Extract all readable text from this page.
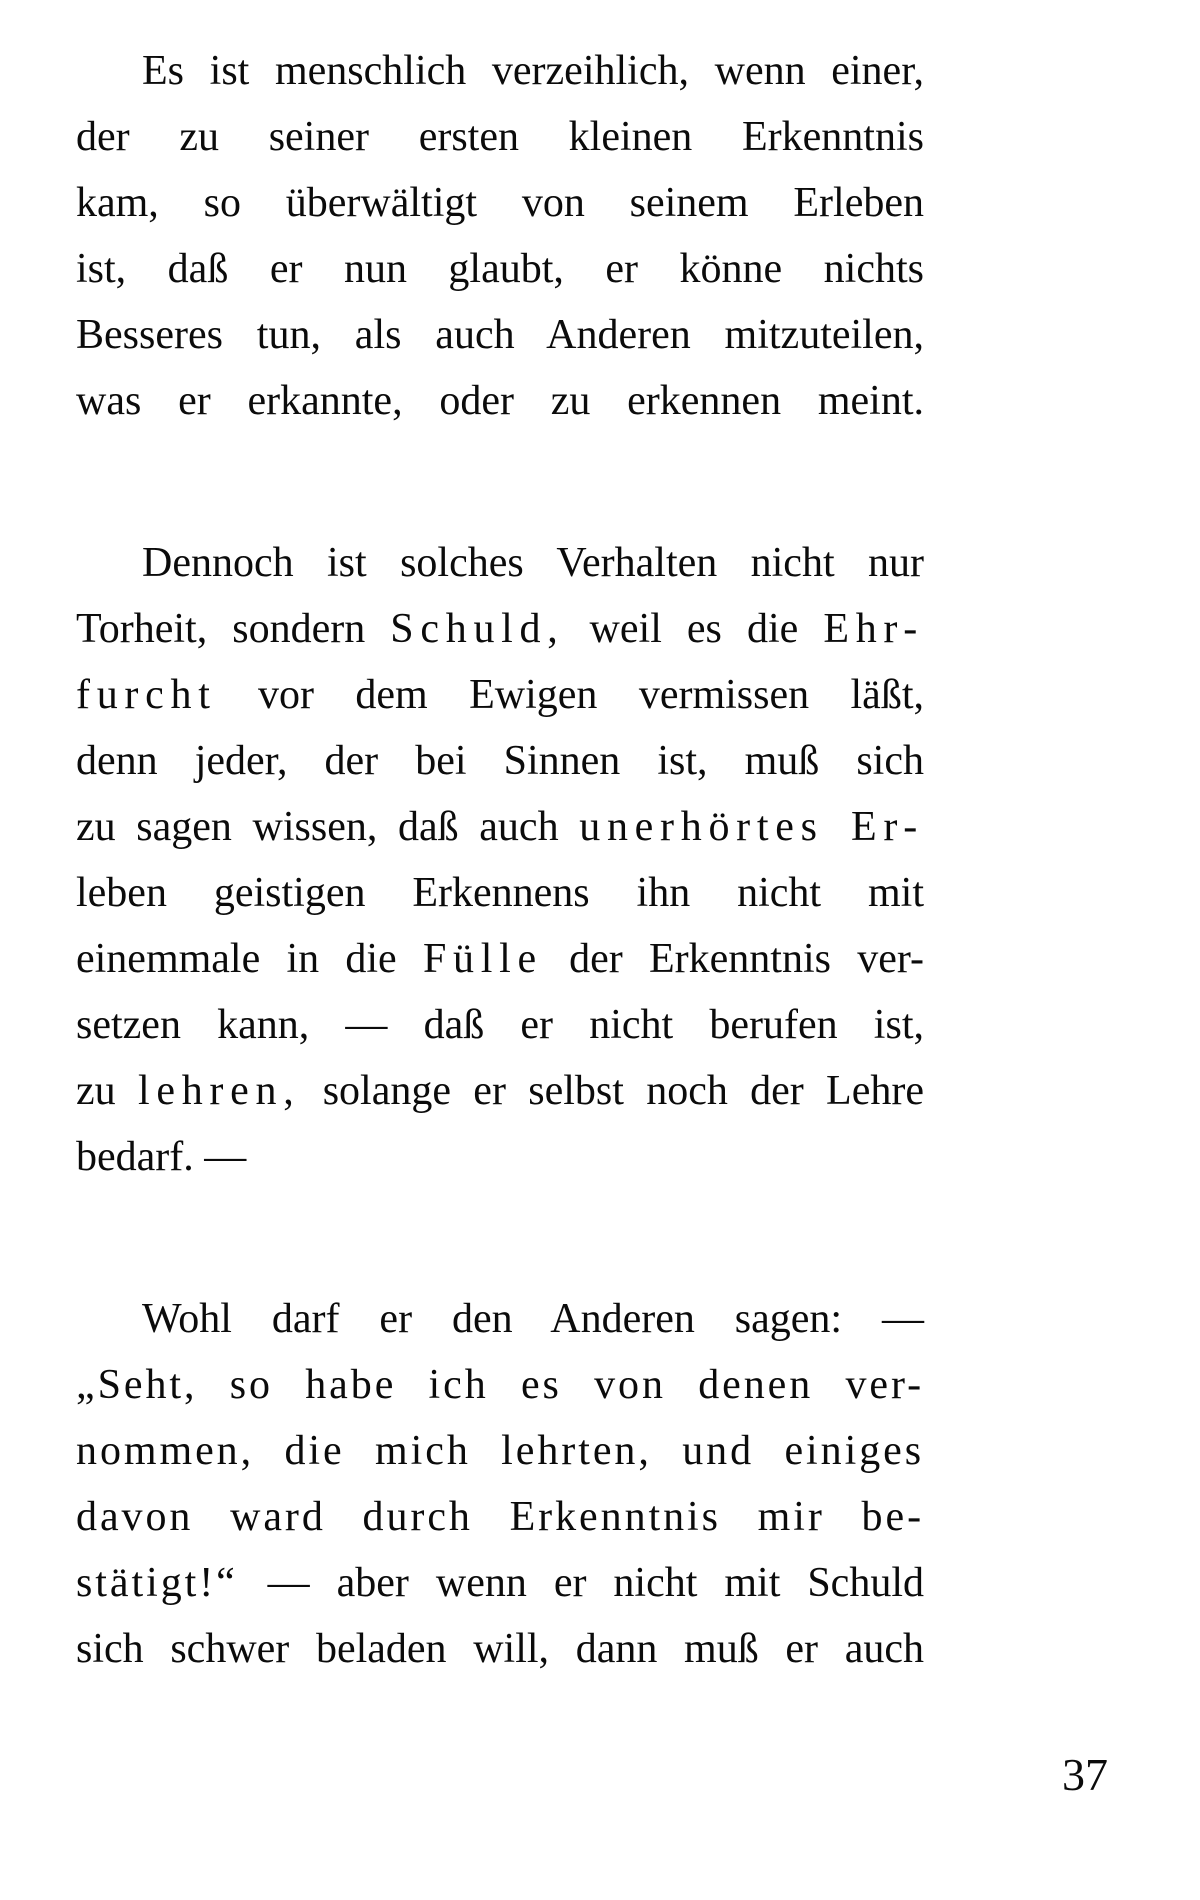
Es ist menschlich verzeihlich, wenn einer,
der zu seiner ersten kleinen Erkenntnis
kam, so überwältigt von seinem Erleben
ist, daß er nun glaubt, er könne nichts
Besseres tun, als auch Anderen mitzuteilen,
was er erkannte, oder zu erkennen meint.
Dennoch ist solches Verhalten nicht nur
Torheit, sondern Schuld, weil es die Ehr-
furcht vor dem Ewigen vermissen läßt,
denn jeder, der bei Sinnen ist, muß sich
zu sagen wissen, daß auch unerhörtes Er-
leben geistigen Erkennens ihn nicht mit
einemmale in die Fülle der Erkenntnis ver-
setzen kann, — daß er nicht berufen ist,
zu lehren, solange er selbst noch der Lehre
bedarf. —
Wohl darf er den Anderen sagen: —
„Seht, so habe ich es von denen ver-
nommen, die mich lehrten, und einiges
davon ward durch Erkenntnis mir be-
stätigt!“ — aber wenn er nicht mit Schuld
sich schwer beladen will, dann muß er auch
37
